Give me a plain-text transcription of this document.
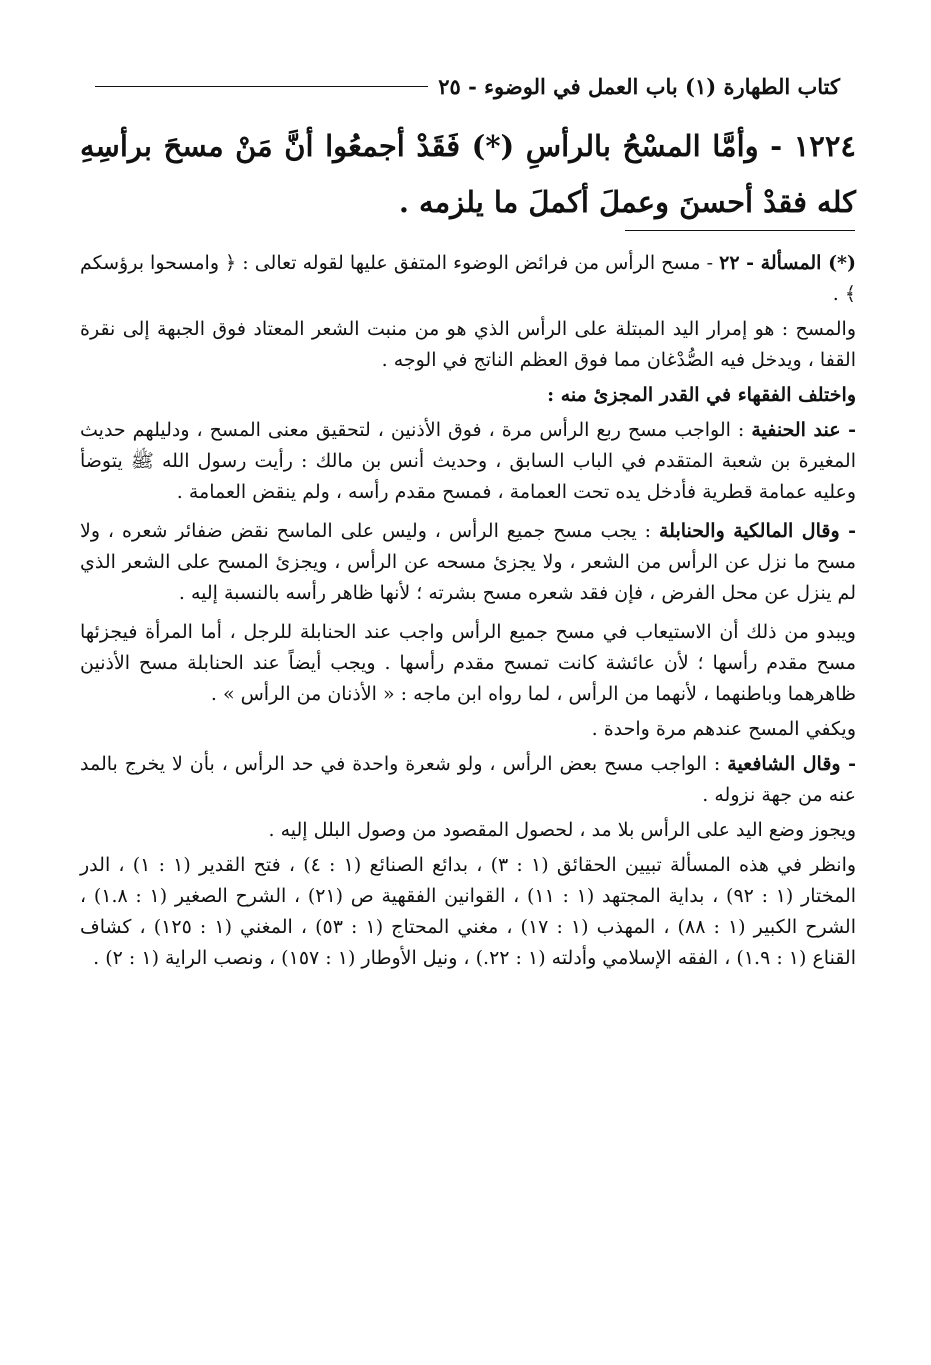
كتاب الطهارة (١) باب العمل في الوضوء - ٢٥

١٢٢٤ - وأمَّا المسْحُ بالرأسِ (*) فَقَدْ أجمعُوا أنَّ مَنْ مسحَ برأسِهِ كله فقدْ أحسنَ وعملَ أكملَ ما يلزمه .

(*) المسألة - ٢٢ - مسح الرأس من فرائض الوضوء المتفق عليها لقوله تعالى : ﴿ وامسحوا برؤسكم ﴾ .

والمسح : هو إمرار اليد المبتلة على الرأس الذي هو من منبت الشعر المعتاد فوق الجبهة إلى نقرة القفا ، ويدخل فيه الصُّدْغان مما فوق العظم الناتج في الوجه .

واختلف الفقهاء في القدر المجزئ منه :

- عند الحنفية : الواجب مسح ربع الرأس مرة ، فوق الأذنين ، لتحقيق معنى المسح ، ودليلهم حديث المغيرة بن شعبة المتقدم في الباب السابق ، وحديث أنس بن مالك : رأيت رسول الله ﷺ يتوضأ وعليه عمامة قطرية فأدخل يده تحت العمامة ، فمسح مقدم رأسه ، ولم ينقض العمامة .

- وقال المالكية والحنابلة : يجب مسح جميع الرأس ، وليس على الماسح نقض ضفائر شعره ، ولا مسح ما نزل عن الرأس من الشعر ، ولا يجزئ مسحه عن الرأس ، ويجزئ المسح على الشعر الذي لم ينزل عن محل الفرض ، فإن فقد شعره مسح بشرته ؛ لأنها ظاهر رأسه بالنسبة إليه .

ويبدو من ذلك أن الاستيعاب في مسح جميع الرأس واجب عند الحنابلة للرجل ، أما المرأة فيجزئها مسح مقدم رأسها ؛ لأن عائشة كانت تمسح مقدم رأسها . ويجب أيضاً عند الحنابلة مسح الأذنين ظاهرهما وباطنهما ، لأنهما من الرأس ، لما رواه ابن ماجه : « الأذنان من الرأس » .

ويكفي المسح عندهم مرة واحدة .

- وقال الشافعية : الواجب مسح بعض الرأس ، ولو شعرة واحدة في حد الرأس ، بأن لا يخرج بالمد عنه من جهة نزوله .

ويجوز وضع اليد على الرأس بلا مد ، لحصول المقصود من وصول البلل إليه .

وانظر في هذه المسألة تبيين الحقائق (١ : ٣) ، بدائع الصنائع (١ : ٤) ، فتح القدير (١ : ١) ، الدر المختار (١ : ٩٢) ، بداية المجتهد (١ : ١١) ، القوانين الفقهية ص (٢١) ، الشرح الصغير (١ : ١.٨) ، الشرح الكبير (١ : ٨٨) ، المهذب (١ : ١٧) ، مغني المحتاج (١ : ٥٣) ، المغني (١ : ١٢٥) ، كشاف القناع (١ : ١.٩) ، الفقه الإسلامي وأدلته (١ : ٢٢.) ، ونيل الأوطار (١ : ١٥٧) ، ونصب الراية (١ : ٢) .
